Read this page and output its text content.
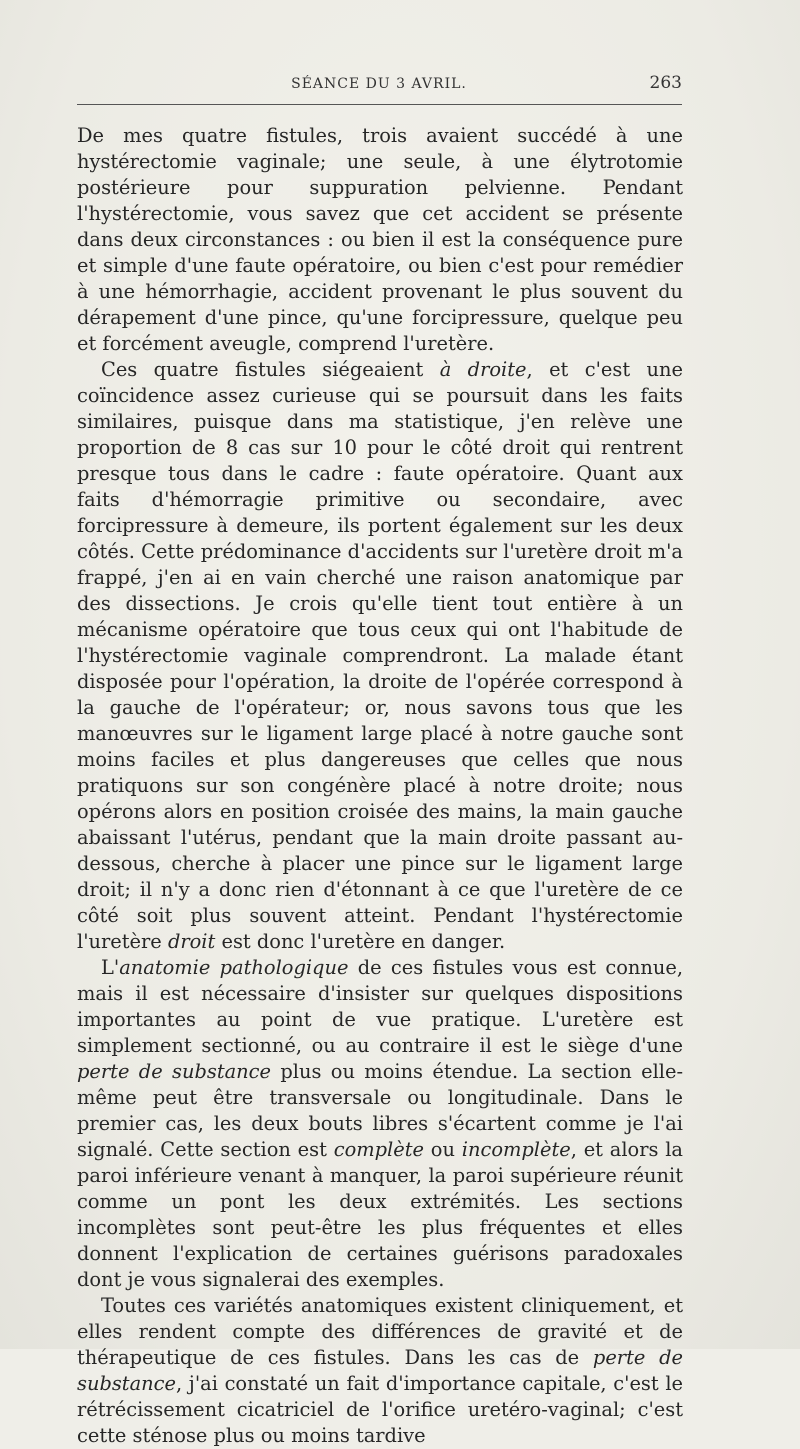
SÉANCE DU 3 AVRIL.	263

De mes quatre fistules, trois avaient succédé à une hystérectomie vaginale; une seule, à une élytrotomie postérieure pour suppuration pelvienne. Pendant l'hystérectomie, vous savez que cet accident se présente dans deux circonstances : ou bien il est la conséquence pure et simple d'une faute opératoire, ou bien c'est pour remédier à une hémorrhagie, accident provenant le plus souvent du dérapement d'une pince, qu'une forcipressure, quelque peu et forcément aveugle, comprend l'uretère.

Ces quatre fistules siégeaient à droite, et c'est une coïncidence assez curieuse qui se poursuit dans les faits similaires, puisque dans ma statistique, j'en relève une proportion de 8 cas sur 10 pour le côté droit qui rentrent presque tous dans le cadre : faute opératoire. Quant aux faits d'hémorragie primitive ou secondaire, avec forcipressure à demeure, ils portent également sur les deux côtés. Cette prédominance d'accidents sur l'uretère droit m'a frappé, j'en ai en vain cherché une raison anatomique par des dissections. Je crois qu'elle tient tout entière à un mécanisme opératoire que tous ceux qui ont l'habitude de l'hystérectomie vaginale comprendront. La malade étant disposée pour l'opération, la droite de l'opérée correspond à la gauche de l'opérateur; or, nous savons tous que les manœuvres sur le ligament large placé à notre gauche sont moins faciles et plus dangereuses que celles que nous pratiquons sur son congénère placé à notre droite; nous opérons alors en position croisée des mains, la main gauche abaissant l'utérus, pendant que la main droite passant au-dessous, cherche à placer une pince sur le ligament large droit; il n'y a donc rien d'étonnant à ce que l'uretère de ce côté soit plus souvent atteint. Pendant l'hystérectomie l'uretère droit est donc l'uretère en danger.

L'anatomie pathologique de ces fistules vous est connue, mais il est nécessaire d'insister sur quelques dispositions importantes au point de vue pratique. L'uretère est simplement sectionné, ou au contraire il est le siège d'une perte de substance plus ou moins étendue. La section elle-même peut être transversale ou longitudinale. Dans le premier cas, les deux bouts libres s'écartent comme je l'ai signalé. Cette section est complète ou incomplète, et alors la paroi inférieure venant à manquer, la paroi supérieure réunit comme un pont les deux extrémités. Les sections incomplètes sont peut-être les plus fréquentes et elles donnent l'explication de certaines guérisons paradoxales dont je vous signalerai des exemples.

Toutes ces variétés anatomiques existent cliniquement, et elles rendent compte des différences de gravité et de thérapeutique de ces fistules. Dans les cas de perte de substance, j'ai constaté un fait d'importance capitale, c'est le rétrécissement cicatriciel de l'orifice uretéro-vaginal; c'est cette sténose plus ou moins tardive
